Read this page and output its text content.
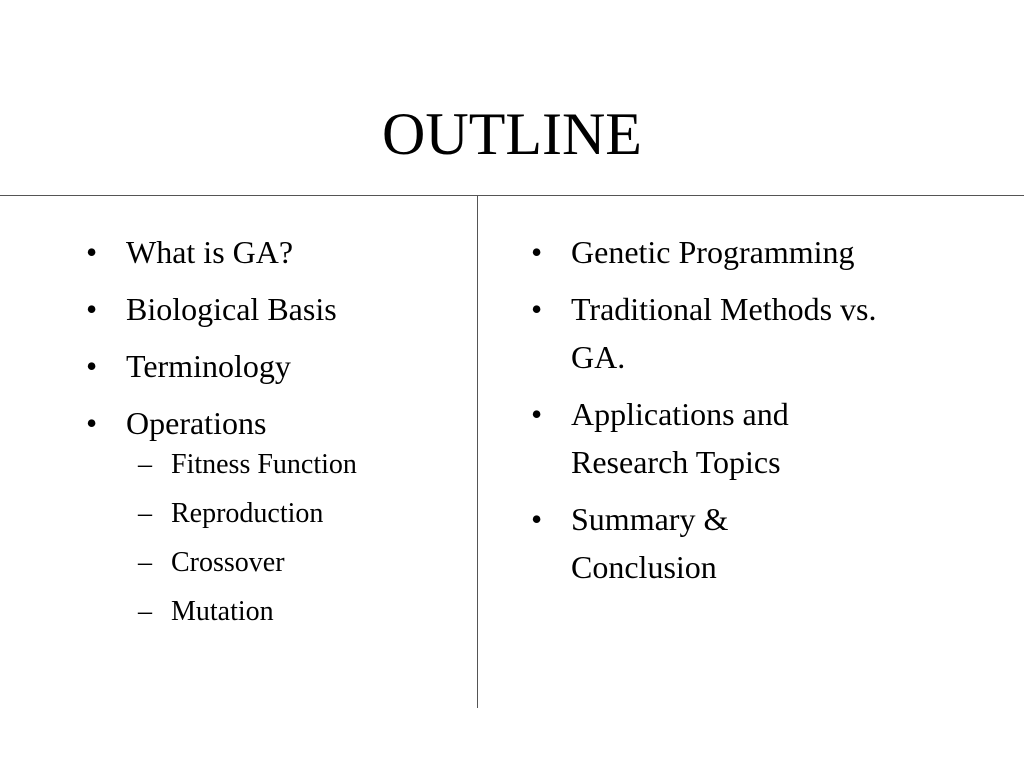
OUTLINE
• What is GA?
• Biological Basis
• Terminology
• Operations
– Fitness Function
– Reproduction
– Crossover
– Mutation
• Genetic Programming
• Traditional Methods vs. GA.
• Applications and Research Topics
• Summary & Conclusion
